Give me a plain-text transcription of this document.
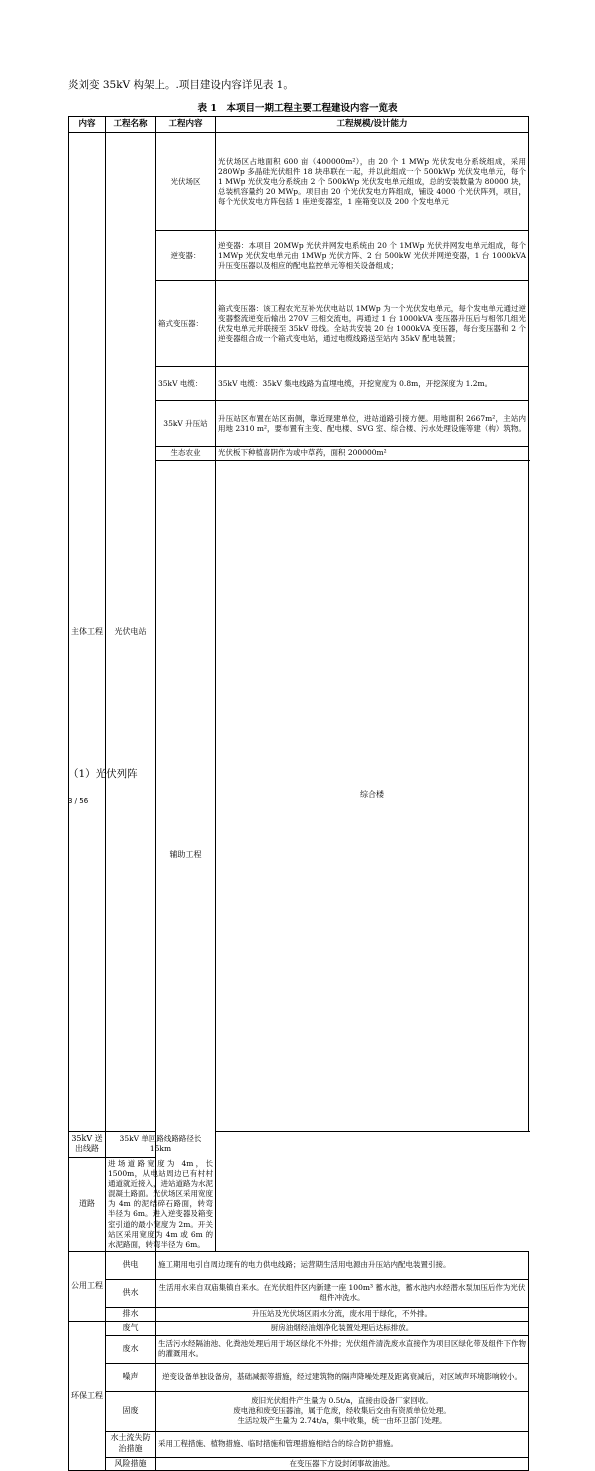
炎刘变 35kV 构架上。.项目建设内容详见表 1。
表 1　本项目一期工程主要工程建设内容一览表
内容	工程名称	工程内容	工程规模/设计能力	
主体工程	光伏电站	光伏场区	光伏场区占地面积 600 亩（400000m²），由 20 个 1 MWp 光伏发电分系统组成，采用 280Wp 多晶硅光伏组件 18 块串联在一起，并以此组成一个 500kWp 光伏发电单元，每个 1 MWp 光伏发电分系统由 2 个 500kWp 光伏发电单元组成，总的安装数量为 80000 块，总装机容量约 20 MWp。项目由 20 个光伏发电方阵组成，铺设 4000 个光伏阵列，项目，每个光伏发电方阵包括 1 座逆变器室，1 座箱变以及 200 个发电单元	
		逆变器：	逆变器：本项目 20MWp 光伏并网发电系统由 20 个 1MWp 光伏并网发电单元组成，每个 1MWp 光伏发电单元由 1MWp 光伏方阵、2 台 500kW 光伏并网逆变器，1 台 1000kVA 升压变压器以及相应的配电监控单元等相关设备组成；	
		箱式变压器：	箱式变压器：该工程农光互补光伏电站以 1MWp 为一个光伏发电单元，每个发电单元通过逆变器整流逆变后输出 270V 三相交流电，再通过 1 台 1000kVA 变压器升压后与相邻几组光伏发电单元并联接至 35kV 母线。全站共安装 20 台 1000kVA 变压器，每台变压器和 2 个逆变器组合成一个箱式变电站，通过电缆线路送至站内 35kV 配电装置；	
		35kV 电缆：	35kV 电缆：35kV 集电线路为直埋电缆，开挖宽度为 0.8m，开挖深度为 1.2m。	
		35kV 升压站	升压站区布置在站区南侧，靠近现建单位，进站道路引接方便。用地面积 2667m²，主站内用地 2310 m²，要布置有主变、配电楼、SVG 室、综合楼、污水处理设施等建（构）筑物。	
		生态农业	光伏板下种植喜阴作为或中草药，面积 200000m²	
		辅助工程	综合楼	
35kV 送出线路	35kV 单回路线路路径长 15km			
道路	进场道路宽度为 4m，长 1500m，从电站周边已有村村通道就近接入，进站道路为水泥混凝土路面。光伏场区采用宽度为 4m 的泥结碎石路面，转弯半径为 6m。进入逆变器及箱变室引道的最小宽度为 2m。开关站区采用宽度为 4m 或 6m 的水泥路面，转弯半径为 6m。			
公用工程	供电	施工期用电引自周边现有的电力供电线路；运营期生活用电源由升压站内配电装置引接。		
	供水	生活用水来自双庙集镇自来水。在光伏组件区内新建一座 100m³ 蓄水池，蓄水池内水经潜水泵加压后作为光伏组件冲洗水。		
	排水	升压站及光伏场区雨水分流，废水用于绿化，不外排。		
环保工程	废气	厨房油烟经油烟净化装置处理后达标排放。		
	废水	生活污水经隔油池、化粪池处理后用于场区绿化不外排；光伏组件清洗废水直接作为项目区绿化带及组件下作物的灌溉用水。		
	噪声	逆变设备单独设备房，基础减振等措施，经过建筑物的隔声降噪处理及距离衰减后，对区域声环境影响较小。		
	固废	废旧光伏组件产生量为 0.5t/a，直接由设备厂家回收。
废电池和废变压器油，属于危废，经收集后交由有资质单位处理。
生活垃圾产生量为 2.74t/a，集中收集，统一由环卫部门处理。		
	水土流失防治措施	采用工程措施、植物措施、临时措施和管理措施相结合的综合防护措施。		
	风险措施	在变压器下方设封闭事故油池。		
（1）光伏列阵
3 / 56
